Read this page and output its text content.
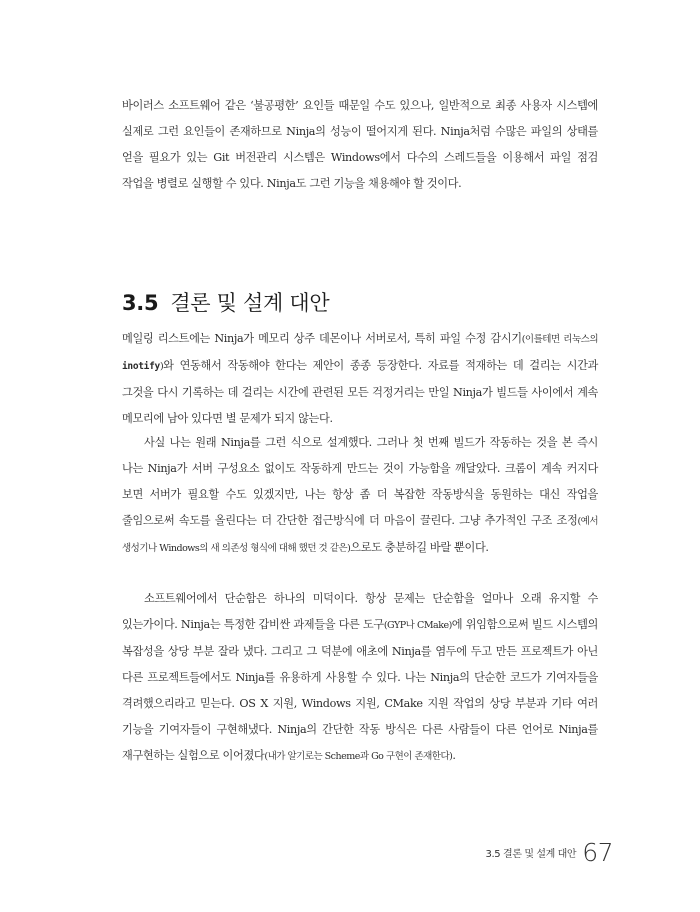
바이러스 소프트웨어 같은 ‘불공평한’ 요인들 때문일 수도 있으나, 일반적으로 최종 사용자 시스템에 실제로 그런 요인들이 존재하므로 Ninja의 성능이 떨어지게 된다. Ninja처럼 수많은 파일의 상태를 얻을 필요가 있는 Git 버전관리 시스템은 Windows에서 다수의 스레드들을 이용해서 파일 점검 작업을 병렬로 실행할 수 있다. Ninja도 그런 기능을 채용해야 할 것이다.

3.5 결론 및 설계 대안

메일링 리스트에는 Ninja가 메모리 상주 데몬이나 서버로서, 특히 파일 수정 감시기(이를테면 리눅스의 inotify)와 연동해서 작동해야 한다는 제안이 종종 등장한다. 자료를 적재하는 데 걸리는 시간과 그것을 다시 기록하는 데 걸리는 시간에 관련된 모든 걱정거리는 만일 Ninja가 빌드들 사이에서 계속 메모리에 남아 있다면 별 문제가 되지 않는다.

사실 나는 원래 Ninja를 그런 식으로 설계했다. 그러나 첫 번째 빌드가 작동하는 것을 본 즉시 나는 Ninja가 서버 구성요소 없이도 작동하게 만드는 것이 가능함을 깨달았다. 크롬이 계속 커지다 보면 서버가 필요할 수도 있겠지만, 나는 항상 좀 더 복잡한 작동방식을 동원하는 대신 작업을 줄임으로써 속도를 올린다는 더 간단한 접근방식에 더 마음이 끌린다. 그냥 추가적인 구조 조정(예서 생성기나 Windows의 새 의존성 형식에 대해 했던 것 같은)으로도 충분하길 바랄 뿐이다.

소프트웨어에서 단순함은 하나의 미덕이다. 항상 문제는 단순함을 얼마나 오래 유지할 수 있는가이다. Ninja는 특정한 갑비싼 과제들을 다른 도구(GYP나 CMake)에 위임함으로써 빌드 시스템의 복잡성을 상당 부분 잘라 냈다. 그리고 그 덕분에 애초에 Ninja를 염두에 두고 만든 프로젝트가 아닌 다른 프로젝트들에서도 Ninja를 유용하게 사용할 수 있다. 나는 Ninja의 단순한 코드가 기여자들을 격려했으리라고 믿는다. OS X 지원, Windows 지원, CMake 지원 작업의 상당 부분과 기타 여러 기능을 기여자들이 구현해냈다. Ninja의 간단한 작동 방식은 다른 사람들이 다른 언어로 Ninja를 재구현하는 실험으로 이어졌다(내가 알기로는 Scheme과 Go 구현이 존재한다).

$^{3.5 결론 및 설계 대안}$ 67
